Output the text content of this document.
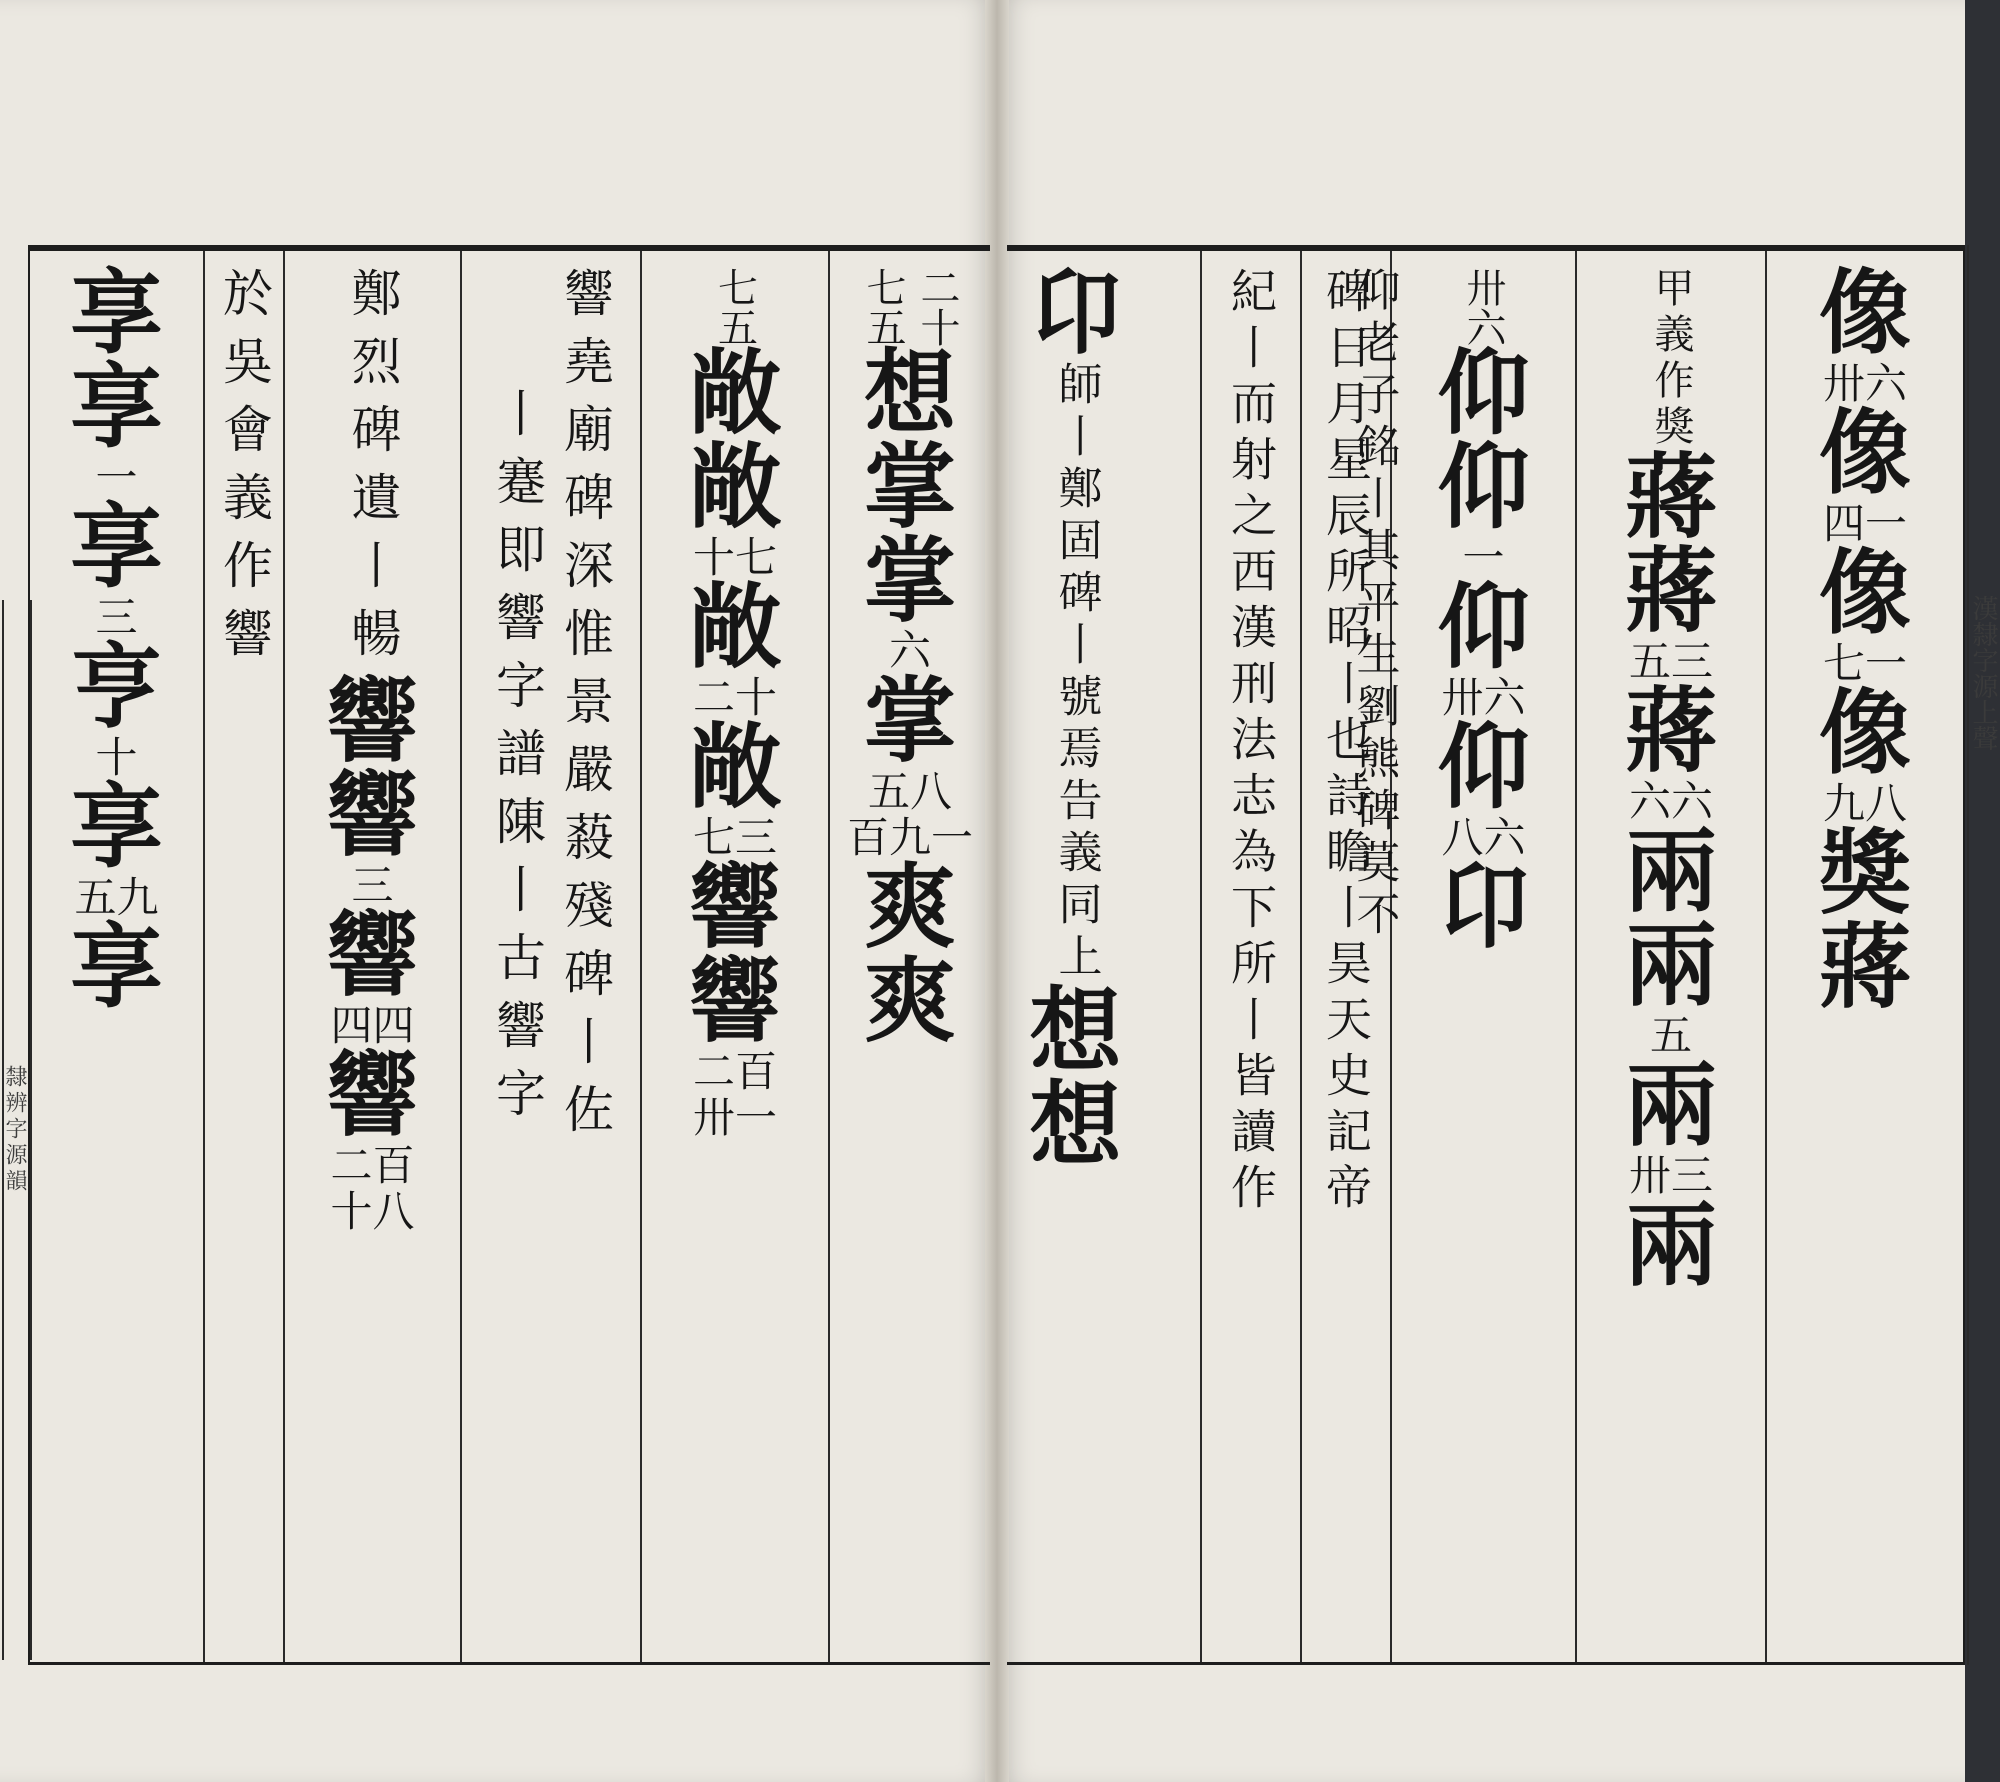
隸辨字源韻
二十
七五
想
掌
掌
六
掌
五八
百九一
爽
爽
七五
敞
敞
十七
敞
二十
敞
七三
響
響
二百
卅一
響堯廟碑深惟景嚴蔱殘碑丨佐
丨蹇即響字譜陳丨古響字
鄭烈碑遺丨暢
響
響
三
響
四四
響
二百
十八
於吳會義作響
享
享
一
享
三
亨
十
享
五九
享
像
卅六
像
四一
像
七一
像
九八
獎
蔣
甲義作獎
蔣
蔣
五三
蔣
六六
兩
兩
五
兩
卅三
兩
卅六
仰
仰
一
仰
卅六
仰
八六
卬
碑日月星辰所昭丨也詩瞻丨昊天史記帝
紀丨而射之西漢刑法志為下所丨皆讀作 仰老子銘丨其平生劉熊碑莫不
卬
師丨鄭固碑丨號焉告義同上
想
想
漢隸字源上聲
